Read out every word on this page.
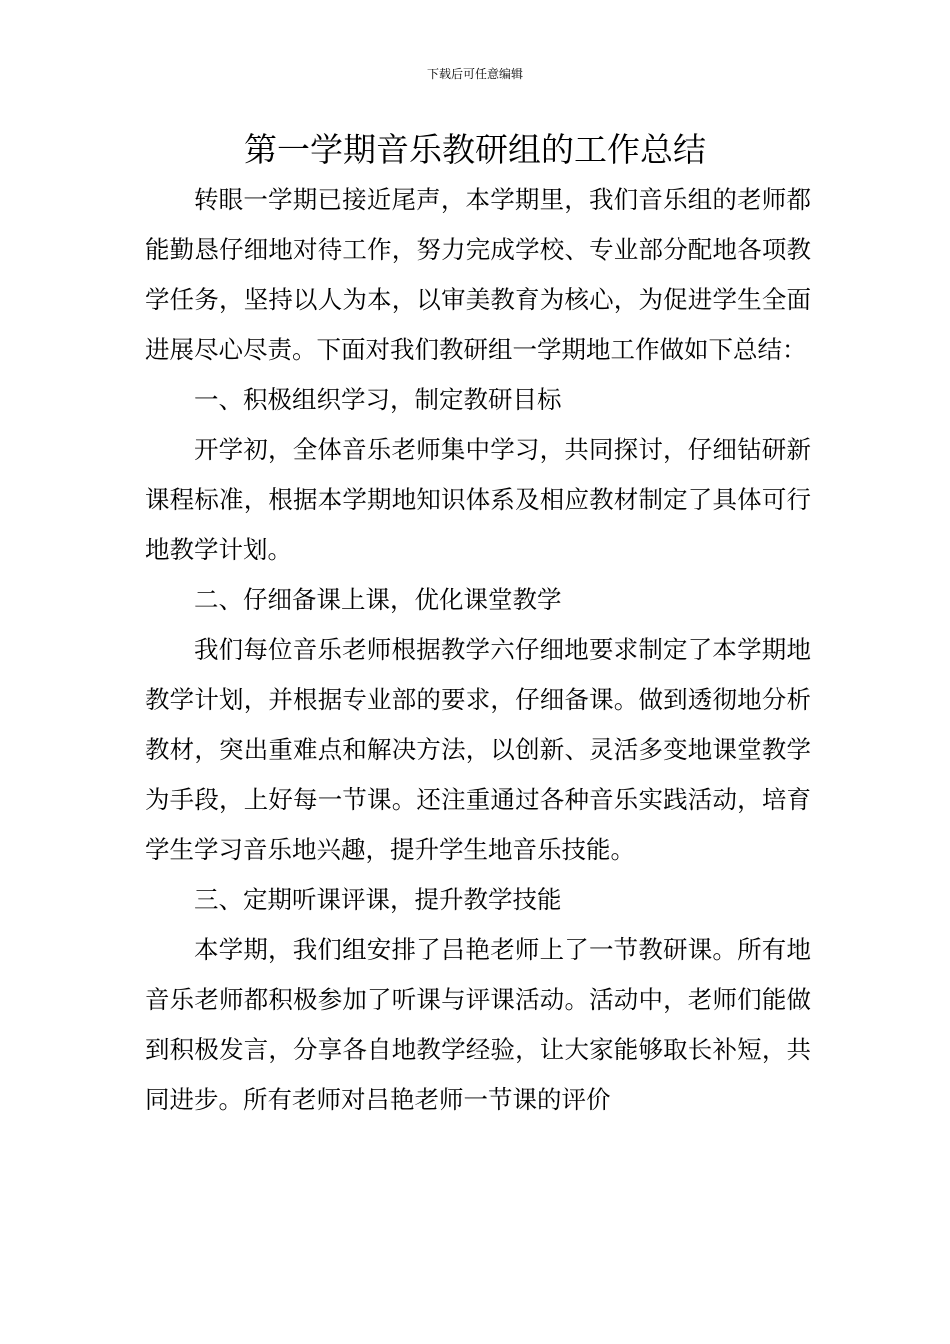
下载后可任意编辑
第一学期音乐教研组的工作总结

转眼一学期已接近尾声，本学期里，我们音乐组的老师都能勤恳仔细地对待工作，努力完成学校、专业部分配地各项教学任务，坚持以人为本，以审美教育为核心，为促进学生全面进展尽心尽责。下面对我们教研组一学期地工作做如下总结：

一、积极组织学习，制定教研目标

开学初，全体音乐老师集中学习，共同探讨，仔细钻研新课程标准，根据本学期地知识体系及相应教材制定了具体可行地教学计划。

二、仔细备课上课，优化课堂教学

我们每位音乐老师根据教学六仔细地要求制定了本学期地教学计划，并根据专业部的要求，仔细备课。做到透彻地分析教材，突出重难点和解决方法，以创新、灵活多变地课堂教学为手段，上好每一节课。还注重通过各种音乐实践活动，培育学生学习音乐地兴趣，提升学生地音乐技能。

三、定期听课评课，提升教学技能

本学期，我们组安排了吕艳老师上了一节教研课。所有地音乐老师都积极参加了听课与评课活动。活动中，老师们能做到积极发言，分享各自地教学经验，让大家能够取长补短，共同进步。所有老师对吕艳老师一节课的评价
